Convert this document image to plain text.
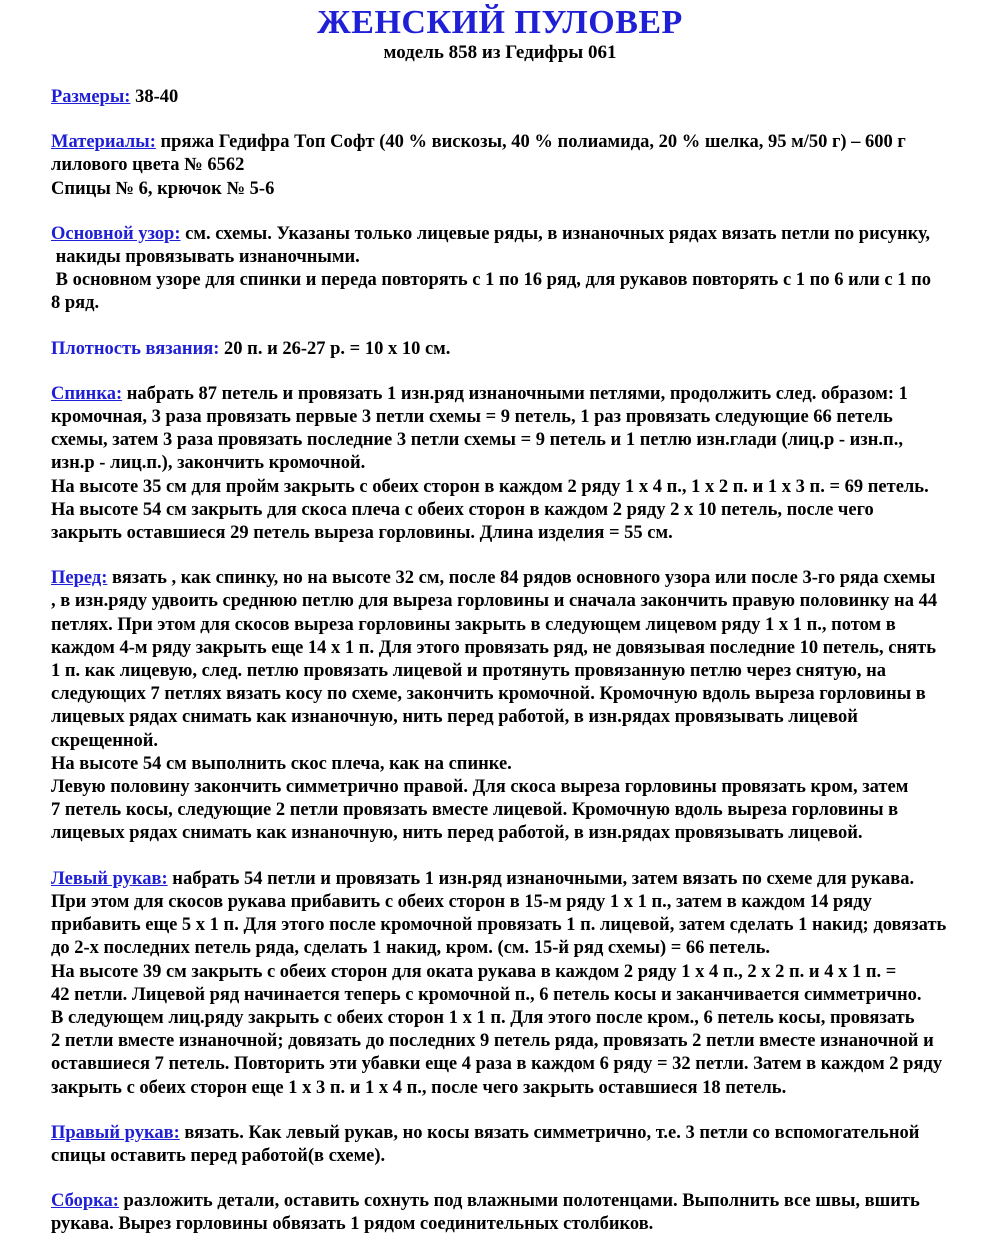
ЖЕНСКИЙ ПУЛОВЕР
модель 858 из Гедифры 061
Размеры: 38-40
Материалы: пряжа Гедифра Топ Софт (40 % вискозы, 40 % полиамида, 20 % шелка, 95 м/50 г) – 600 г
лилового цвета № 6562
Спицы № 6, крючок № 5-6
Основной узор: см. схемы. Указаны только лицевые ряды, в изнаночных рядах вязать петли по рисунку,
накиды провязывать изнаночными.
В основном узоре для спинки и переда повторять с 1 по 16 ряд, для рукавов повторять с 1 по 6 или с 1 по
8 ряд.
Плотность вязания: 20 п. и 26-27 р. = 10 х 10 см.
Спинка: набрать 87 петель и провязать 1 изн.ряд изнаночными петлями, продолжить след. образом: 1
кромочная, 3 раза провязать первые 3 петли схемы = 9 петель, 1 раз провязать следующие 66 петель
схемы, затем 3 раза провязать последние 3 петли схемы = 9 петель и 1 петлю изн.глади (лиц.р - изн.п.,
изн.р - лиц.п.), закончить кромочной.
На высоте 35 см для пройм закрыть с обеих сторон в каждом 2 ряду 1 х 4 п., 1 х 2 п. и 1 х 3 п. = 69 петель.
На высоте 54 см закрыть для скоса плеча с обеих сторон в каждом 2 ряду 2 х 10 петель, после чего
закрыть оставшиеся 29 петель выреза горловины. Длина изделия = 55 см.
Перед: вязать , как спинку, но на высоте 32 см, после 84 рядов основного узора или после 3-го ряда схемы
, в изн.ряду удвоить среднюю петлю для выреза горловины и сначала закончить правую половинку на 44
петлях. При этом для скосов выреза горловины закрыть в следующем лицевом ряду 1 х 1 п., потом в
каждом 4-м ряду закрыть еще 14 х 1 п. Для этого провязать ряд, не довязывая последние 10 петель, снять
1 п. как лицевую, след. петлю провязать лицевой и протянуть провязанную петлю через снятую, на
следующих 7 петлях вязать косу по схеме, закончить кромочной. Кромочную вдоль выреза горловины в
лицевых рядах снимать как изнаночную, нить перед работой, в изн.рядах провязывать лицевой
скрещенной.
На высоте 54 см выполнить скос плеча, как на спинке.
Левую половину закончить симметрично правой. Для скоса выреза горловины провязать кром, затем
7 петель косы, следующие 2 петли провязать вместе лицевой. Кромочную вдоль выреза горловины в
лицевых рядах снимать как изнаночную, нить перед работой, в изн.рядах провязывать лицевой.
Левый рукав: набрать 54 петли и провязать 1 изн.ряд изнаночными, затем вязать по схеме для рукава.
При этом для скосов рукава прибавить с обеих сторон в 15-м ряду 1 х 1 п., затем в каждом 14 ряду
прибавить еще 5 х 1 п. Для этого после кромочной провязать 1 п. лицевой, затем сделать 1 накид; довязать
до 2-х последних петель ряда, сделать 1 накид, кром. (см. 15-й ряд схемы) = 66 петель.
На высоте 39 см закрыть с обеих сторон для оката рукава в каждом 2 ряду 1 х 4 п., 2 х 2 п. и 4 х 1 п. =
42 петли. Лицевой ряд начинается теперь с кромочной п., 6 петель косы и заканчивается симметрично.
В следующем лиц.ряду закрыть с обеих сторон 1 х 1 п. Для этого после кром., 6 петель косы, провязать
2 петли вместе изнаночной; довязать до последних 9 петель ряда, провязать 2 петли вместе изнаночной и
оставшиеся 7 петель. Повторить эти убавки еще 4 раза в каждом 6 ряду = 32 петли. Затем в каждом 2 ряду
закрыть с обеих сторон еще 1 х 3 п. и 1 х 4 п., после чего закрыть оставшиеся 18 петель.
Правый рукав: вязать. Как левый рукав, но косы вязать симметрично, т.е. 3 петли со вспомогательной
спицы оставить перед работой(в схеме).
Сборка: разложить детали, оставить сохнуть под влажными полотенцами. Выполнить все швы, вшить
рукава. Вырез горловины обвязать 1 рядом соединительных столбиков.
